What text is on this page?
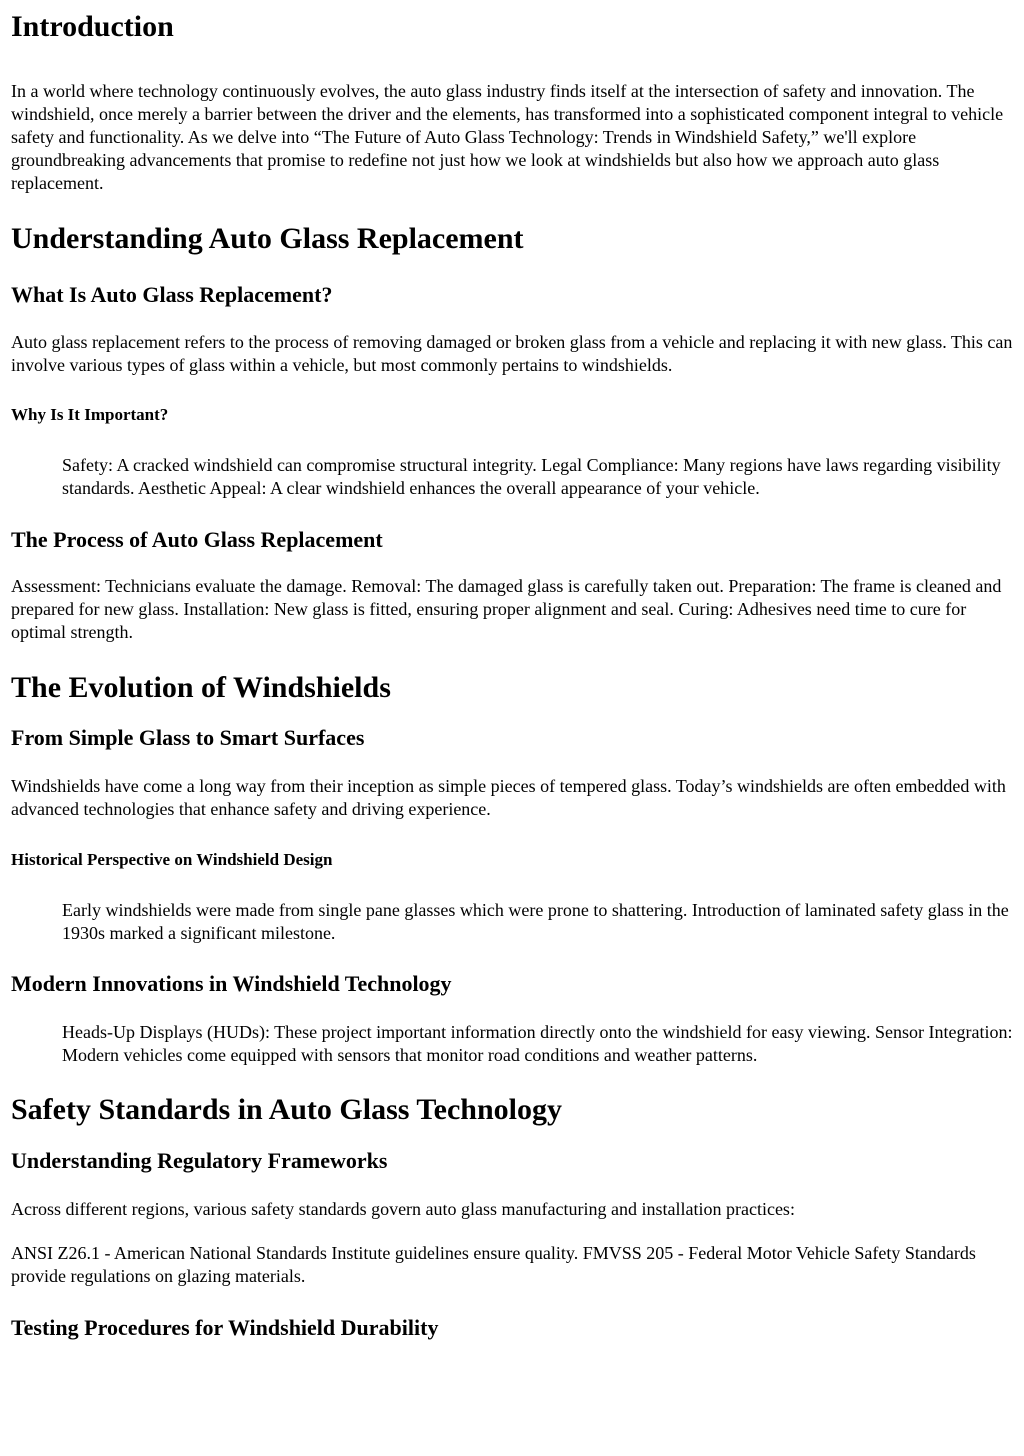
Introduction

In a world where technology continuously evolves, the auto glass industry finds itself at the intersection of safety and innovation. The windshield, once merely a barrier between the driver and the elements, has transformed into a sophisticated component integral to vehicle safety and functionality. As we delve into “The Future of Auto Glass Technology: Trends in Windshield Safety,” we'll explore groundbreaking advancements that promise to redefine not just how we look at windshields but also how we approach auto glass replacement.

Understanding Auto Glass Replacement
What Is Auto Glass Replacement?

Auto glass replacement refers to the process of removing damaged or broken glass from a vehicle and replacing it with new glass. This can involve various types of glass within a vehicle, but most commonly pertains to windshields.

Why Is It Important?
Safety: A cracked windshield can compromise structural integrity. Legal Compliance: Many regions have laws regarding visibility standards. Aesthetic Appeal: A clear windshield enhances the overall appearance of your vehicle.
The Process of Auto Glass Replacement

Assessment: Technicians evaluate the damage. Removal: The damaged glass is carefully taken out. Preparation: The frame is cleaned and prepared for new glass. Installation: New glass is fitted, ensuring proper alignment and seal. Curing: Adhesives need time to cure for optimal strength.

The Evolution of Windshields
From Simple Glass to Smart Surfaces

Windshields have come a long way from their inception as simple pieces of tempered glass. Today’s windshields are often embedded with advanced technologies that enhance safety and driving experience.

Historical Perspective on Windshield Design
Early windshields were made from single pane glasses which were prone to shattering. Introduction of laminated safety glass in the 1930s marked a significant milestone.
Modern Innovations in Windshield Technology
Heads-Up Displays (HUDs): These project important information directly onto the windshield for easy viewing. Sensor Integration: Modern vehicles come equipped with sensors that monitor road conditions and weather patterns.
Safety Standards in Auto Glass Technology
Understanding Regulatory Frameworks

Across different regions, various safety standards govern auto glass manufacturing and installation practices:

ANSI Z26.1 - American National Standards Institute guidelines ensure quality. FMVSS 205 - Federal Motor Vehicle Safety Standards provide regulations on glazing materials.

Testing Procedures for Windshield Durability
